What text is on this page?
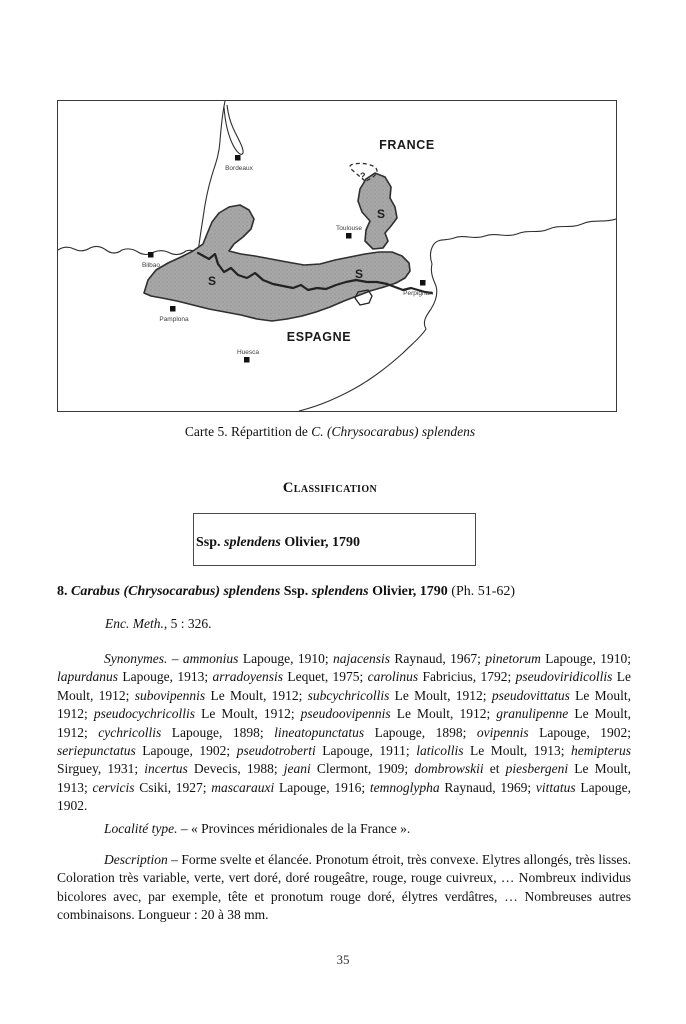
?
S	S
S
FRANCE
ESPAGNE
Bordeaux
Toulouse
Bilbao
Pamplona
Perpignan
Huesca
Carte 5. Répartition de C. (Chrysocarabus) splendens
Classification
Ssp. splendens Olivier, 1790
8. Carabus (Chrysocarabus) splendens Ssp. splendens Olivier, 1790 (Ph. 51-62)
Enc. Meth., 5 : 326.

Synonymes. – ammonius Lapouge, 1910; najacensis Raynaud, 1967; pinetorum Lapouge, 1910; lapurdanus Lapouge, 1913; arradoyensis Lequet, 1975; carolinus Fabricius, 1792; pseudoviridicollis Le Moult, 1912; subovipennis Le Moult, 1912; subcychricollis Le Moult, 1912; pseudovittatus Le Moult, 1912; pseudocychricollis Le Moult, 1912; pseudoovipennis Le Moult, 1912; granulipenne Le Moult, 1912; cychricollis Lapouge, 1898; lineatopunctatus Lapouge, 1898; ovipennis Lapouge, 1902; seriepunctatus Lapouge, 1902; pseudotroberti Lapouge, 1911; laticollis Le Moult, 1913; hemipterus Sirguey, 1931; incertus Devecis, 1988; jeani Clermont, 1909; dombrowskii et piesbergeni Le Moult, 1913; cervicis Csiki, 1927; mascarauxi Lapouge, 1916; temnoglypha Raynaud, 1969; vittatus Lapouge, 1902.

Localité type. – « Provinces méridionales de la France ».

Description – Forme svelte et élancée. Pronotum étroit, très convexe. Elytres allongés, très lisses. Coloration très variable, verte, vert doré, doré rougeâtre, rouge, rouge cuivreux, … Nombreux individus bicolores avec, par exemple, tête et pronotum rouge doré, élytres verdâtres, … Nombreuses autres combinaisons. Longueur : 20 à 38 mm.

35
